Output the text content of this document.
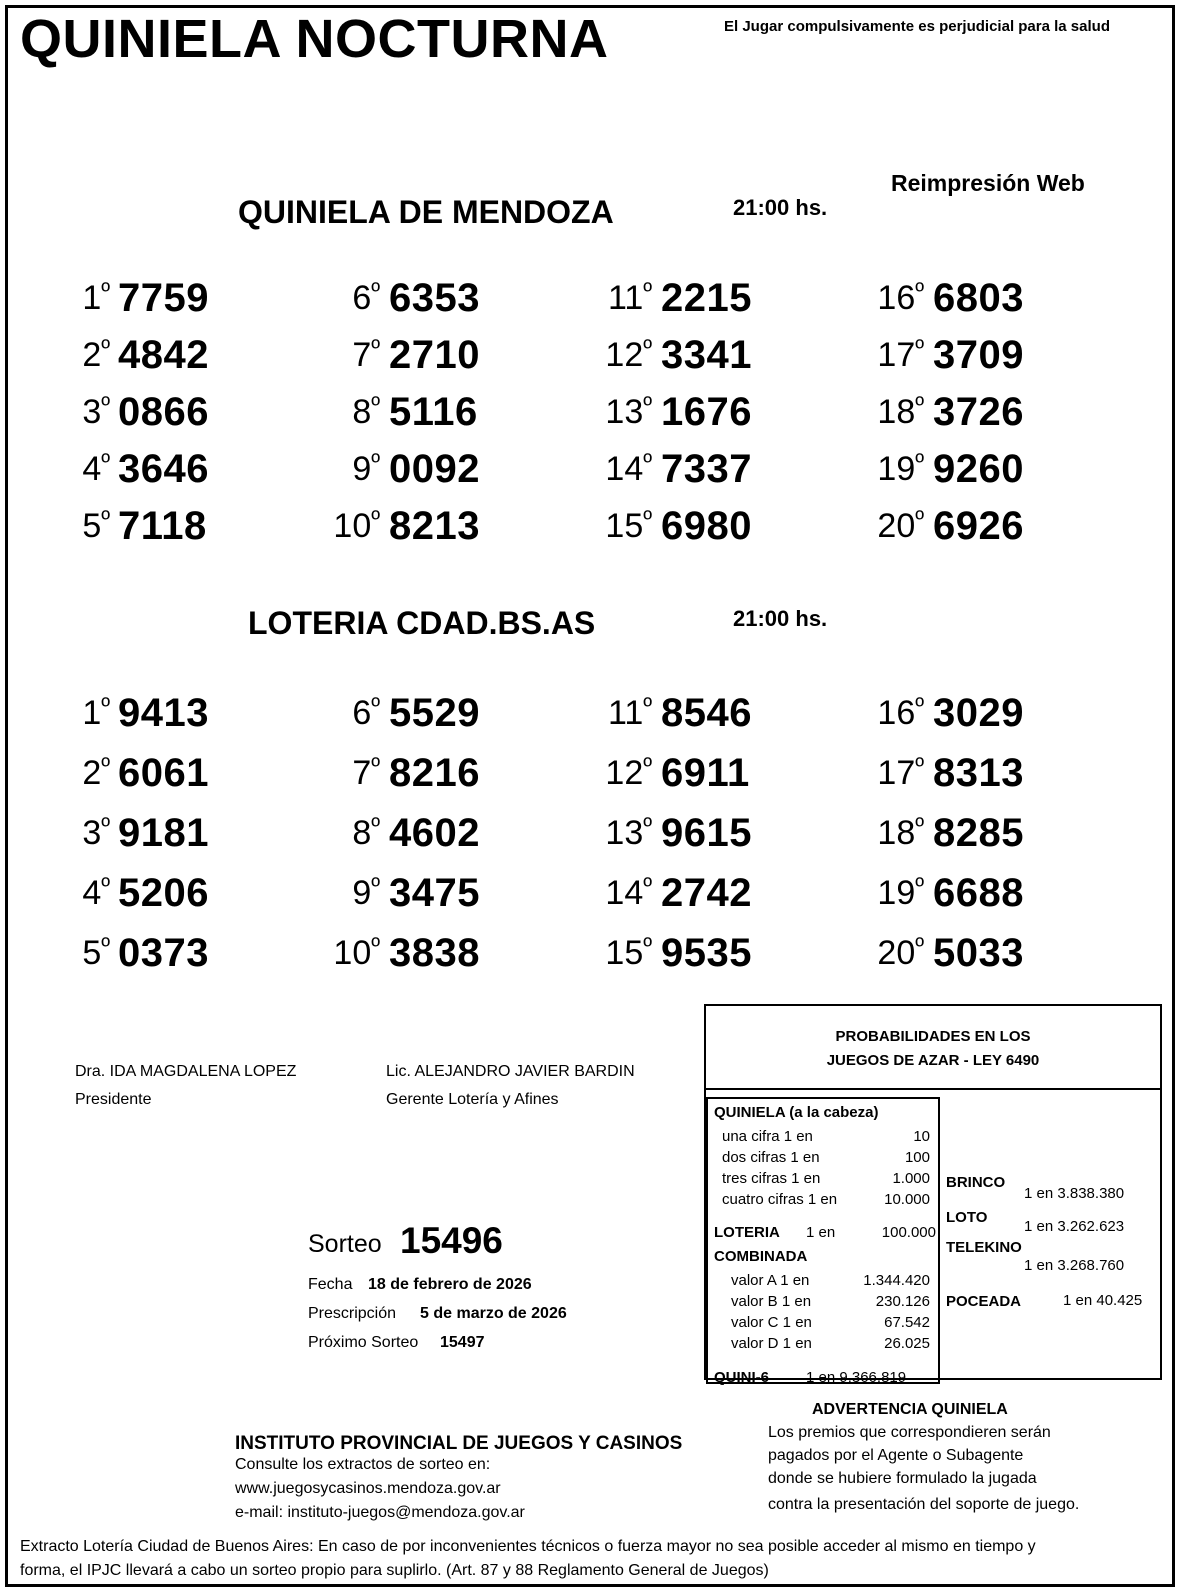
QUINIELA NOCTURNA	El Jugar compulsivamente es perjudicial para la salud
Reimpresión Web
QUINIELA DE MENDOZA	21:00 hs.
$1^º$ 7759
$2^º$ 4842
$3^º$ 0866
$4^º$ 3646
$5^º$ 7118
$6^º$ 6353
$7^º$ 2710
$8^º$ 5116
$9^º$ 0092
$10^º$ 8213
$11^º$ 2215
$12^º$ 3341
$13^º$ 1676
$14^º$ 7337
$15^º$ 6980
$16^º$ 6803
$17^º$ 3709
$18^º$ 3726
$19^º$ 9260
$20^º$ 6926
LOTERIA CDAD.BS.AS	21:00 hs.
$1^º$ 9413
$2^º$ 6061
$3^º$ 9181
$4^º$ 5206
$5^º$ 0373
$6^º$ 5529
$7^º$ 8216
$8^º$ 4602
$9^º$ 3475
$10^º$ 3838
$11^º$ 8546
$12^º$ 6911
$13^º$ 9615
$14^º$ 2742
$15^º$ 9535
$16^º$ 3029
$17^º$ 8313
$18^º$ 8285
$19^º$ 6688
$20^º$ 5033
Dra. IDA MAGDALENA LOPEZ
Presidente
Lic. ALEJANDRO JAVIER BARDIN
Gerente Lotería y Afines
Sorteo 15496
Fecha 18 de febrero de 2026
Prescripción 5 de marzo de 2026
Próximo Sorteo 15497
PROBABILIDADES EN LOS
JUEGOS DE AZAR - LEY 6490
QUINIELA (a la cabeza)
una cifra 1 en	10
dos cifras 1 en	100
tres cifras 1 en	1.000
cuatro cifras 1 en	10.000
LOTERIA 1 en	100.000
COMBINADA
valor A 1 en	1.344.420
valor B 1 en	230.126
valor C 1 en	67.542
valor D 1 en	26.025
QUINI-6 1 en 9.366.819
BRINCO
1 en 3.838.380
LOTO
1 en 3.262.623
TELEKINO
1 en 3.268.760
POCEADA	1 en 40.425
ADVERTENCIA QUINIELA
Los premios que correspondieren serán
pagados por el Agente o Subagente
donde se hubiere formulado la jugada
contra la presentación del soporte de juego.
INSTITUTO PROVINCIAL DE JUEGOS Y CASINOS
Consulte los extractos de sorteo en:
www.juegosycasinos.mendoza.gov.ar
e-mail: instituto-juegos@mendoza.gov.ar
Extracto Lotería Ciudad de Buenos Aires: En caso de por inconvenientes técnicos o fuerza mayor no sea posible acceder al mismo en tiempo y
forma, el IPJC llevará a cabo un sorteo propio para suplirlo. (Art. 87 y 88 Reglamento General de Juegos)
